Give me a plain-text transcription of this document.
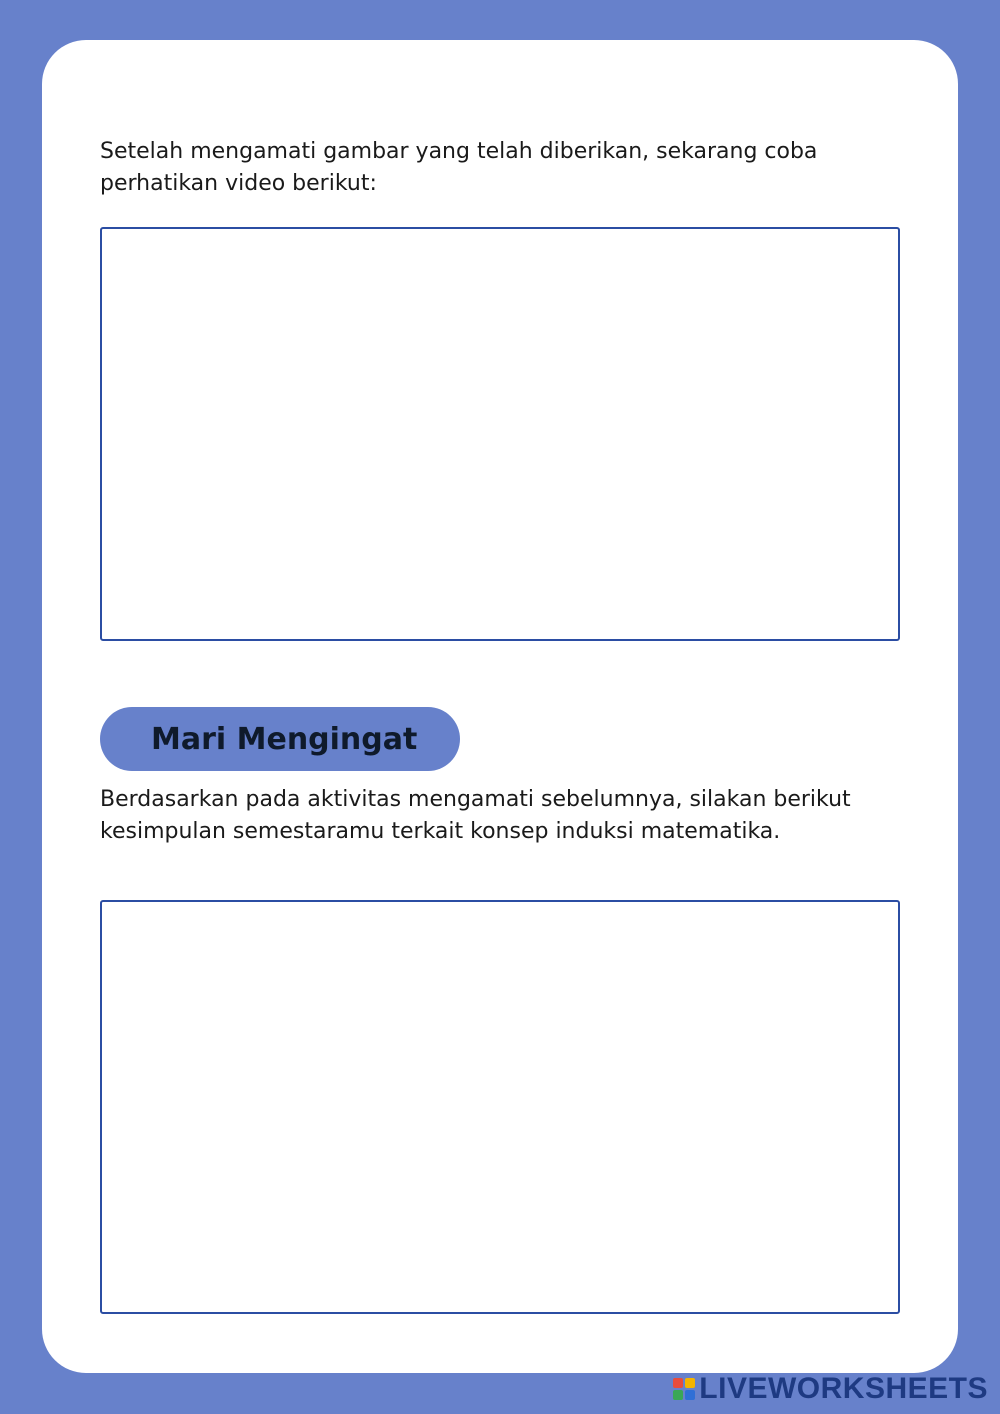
Setelah mengamati gambar yang telah diberikan, sekarang coba perhatikan video berikut:

Mari Mengingat

Berdasarkan pada aktivitas mengamati sebelumnya, silakan berikut kesimpulan semestaramu terkait konsep induksi matematika.

LIVEWORKSHEETS
